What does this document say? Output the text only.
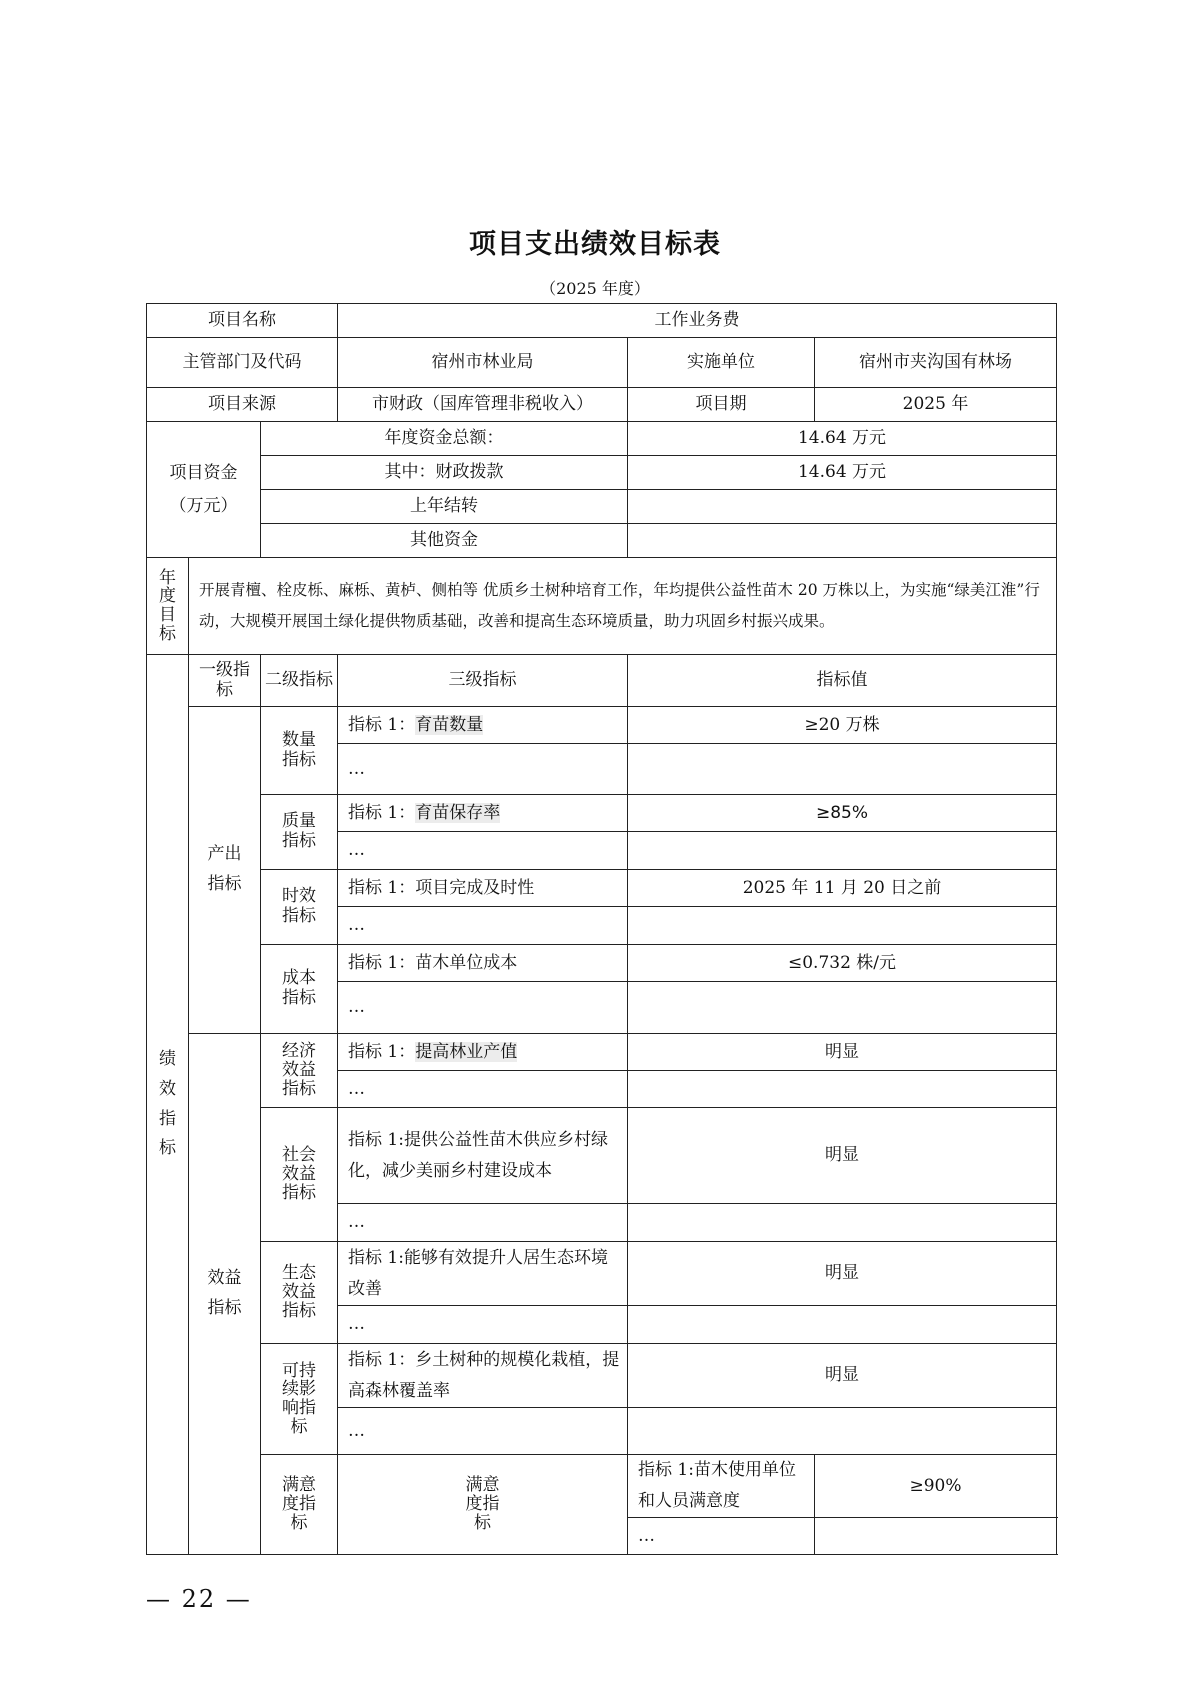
项目支出绩效目标表
（2025 年度）
项目名称			工作业务费		
主管部门及代码			宿州市林业局	实施单位	宿州市夹沟国有林场
项目来源			市财政（国库管理非税收入）	项目期	2025 年

项目资金
（万元）		年度资金总额：		14.64 万元	
		其中：财政拨款		14.64 万元	
		上年结转			
		其他资金			

年度目标	开展青檀、栓皮栎、麻栎、黄栌、侧柏等 优质乡土树种培育工作，年均提供公益性苗木 20 万株以上，为实施“绿美江淮”行动，大规模开展国土绿化提供物质基础，改善和提高生态环境质量，助力巩固乡村振兴成果。				

绩效指标	一级指标	二级指标	三级指标	指标值	

	产出指标	数量指标	指标 1：育苗数量	≥20 万株	
			…		

		质量指标	指标 1：育苗保存率	≥85%	
			…		

		时效指标	指标 1：项目完成及时性	2025 年 11 月 20 日之前	
			…		

		成本指标	指标 1：苗木单位成本	≤0.732 株/元	
			…		

	效益指标	经济效益指标	指标 1：提高林业产值	明显	
			…		

		社会效益指标	指标 1:提供公益性苗木供应乡村绿化，减少美丽乡村建设成本	明显	
			…		

		生态效益指标	指标 1:能够有效提升人居生态环境改善	明显	
			…		

		可持续影响指标	指标 1：乡土树种的规模化栽植，提高森林覆盖率	明显	
			…		

		满意度指标	满意度指标	指标 1:苗木使用单位和人员满意度	≥90%
				…	
— 22 —
